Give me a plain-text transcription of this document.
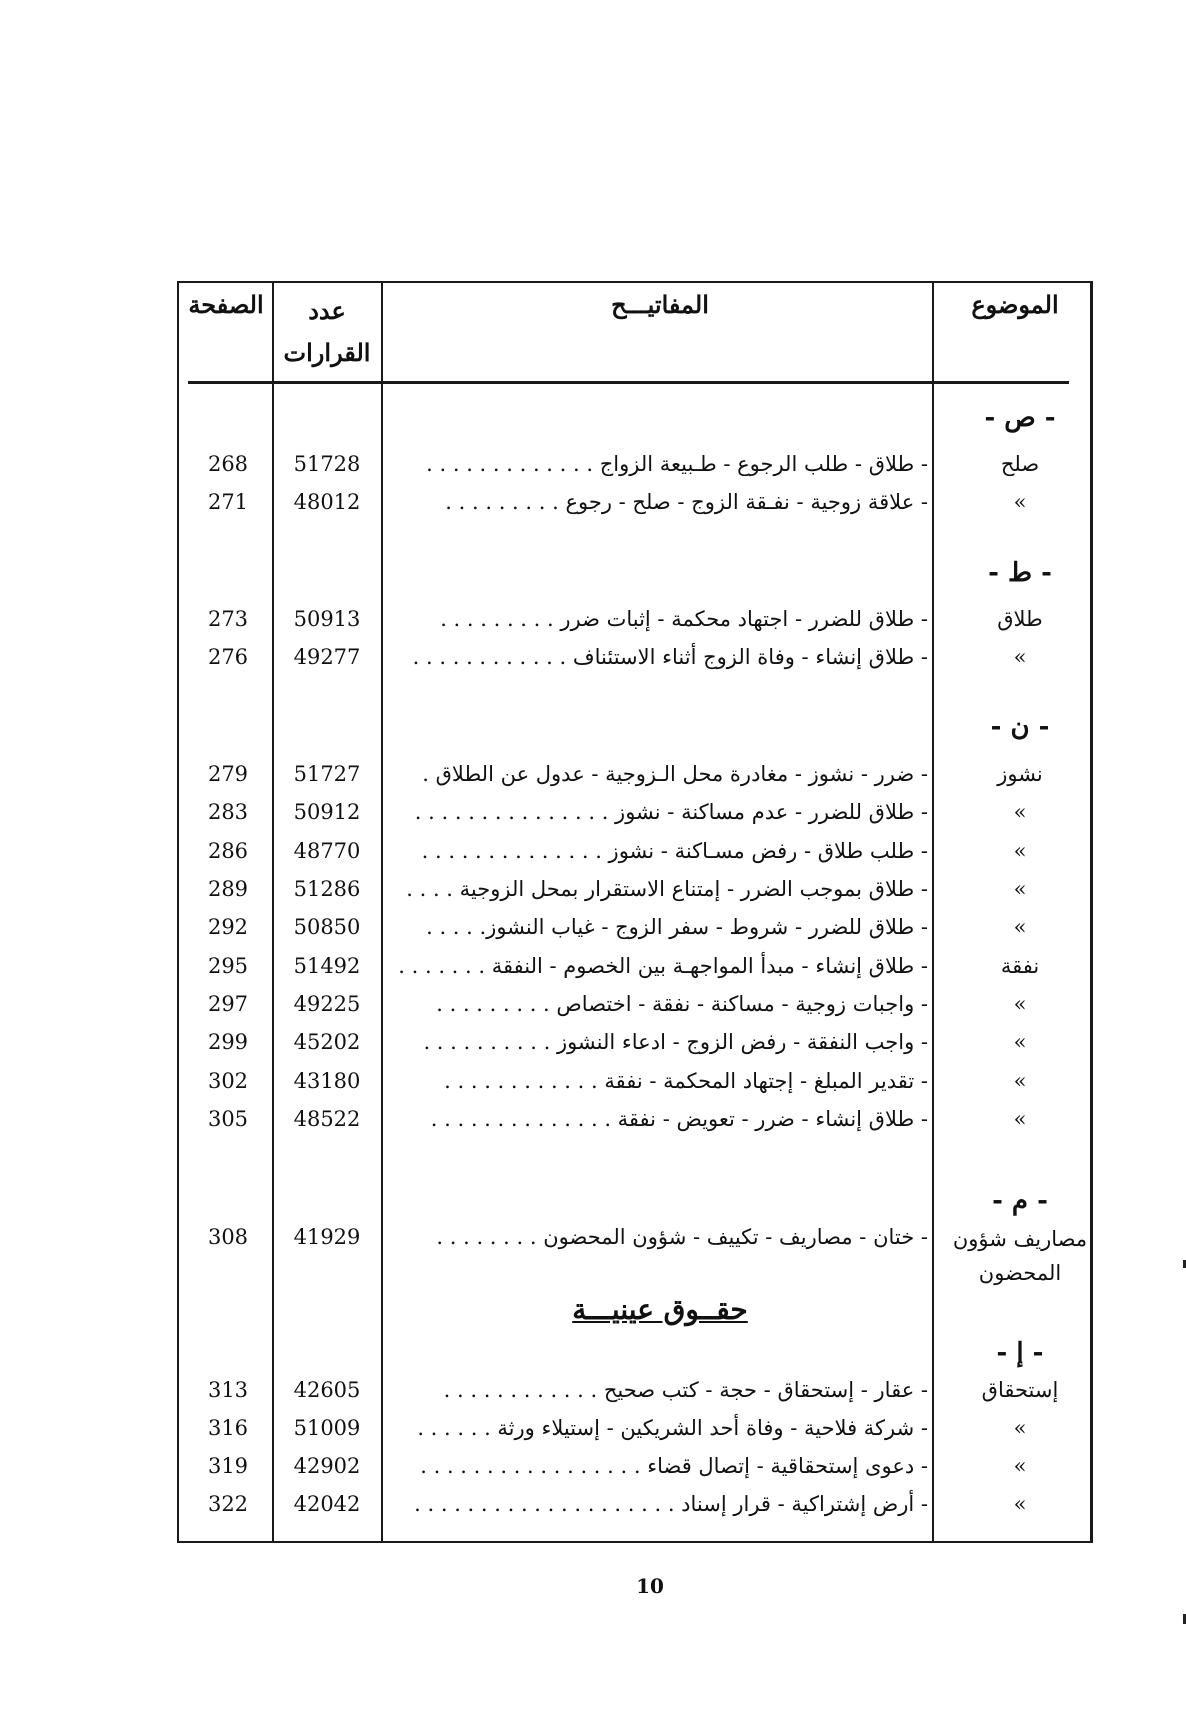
الموضوع
المفاتيـــح
عدد القرارات
الصفحة
- ص -
- ط -
- ن -
- م -
- إ -
حقــوق عينيـــة
صلح
- طلاق - طلب الرجوع - طـبيعة الزواج . . . . . . . . . . . . .
51728
268
»
- علاقة زوجية - نفـقة الزوج - صلح - رجوع . . . . . . . . .
48012
271
طلاق
- طلاق للضرر - اجتهاد محكمة - إثبات ضرر . . . . . . . . .
50913
273
»
- طلاق إنشاء - وفاة الزوج أثناء الاستئناف . . . . . . . . . . . .
49277
276
نشوز
- ضرر - نشوز - مغادرة محل الـزوجية - عدول عن الطلاق .
51727
279
»
- طلاق للضرر - عدم مساكنة - نشوز . . . . . . . . . . . . . . .
50912
283
»
- طلب طلاق - رفض مسـاكنة - نشوز . . . . . . . . . . . . . .
48770
286
»
- طلاق بموجب الضرر - إمتناع الاستقرار بمحل الزوجية . . . .
51286
289
»
- طلاق للضرر - شروط - سفر الزوج - غياب النشوز. . . . .
50850
292
نفقة
- طلاق إنشاء - مبدأ المواجهـة بين الخصوم - النفقة . . . . . . .
51492
295
»
- واجبات زوجية - مساكنة - نفقة - اختصاص . . . . . . . . .
49225
297
»
- واجب النفقة - رفض الزوج - ادعاء النشوز . . . . . . . . . .
45202
299
»
- تقدير المبلغ - إجتهاد المحكمة - نفقة . . . . . . . . . . . .
43180
302
»
- طلاق إنشاء - ضرر - تعويض - نفقة . . . . . . . . . . . . . .
48522
305
مصاريف شؤون المحضون
- ختان - مصاريف - تكييف - شؤون المحضون . . . . . . . .
41929
308
إستحقاق
- عقار - إستحقاق - حجة - كتب صحيح . . . . . . . . . . . .
42605
313
»
- شركة فلاحية - وفاة أحد الشريكين - إستيلاء ورثة . . . . . .
51009
316
»
- دعوى إستحقاقية - إتصال قضاء . . . . . . . . . . . . . . . . .
42902
319
»
- أرض إشتراكية - قرار إسناد . . . . . . . . . . . . . . . . . . . .
42042
322
10
